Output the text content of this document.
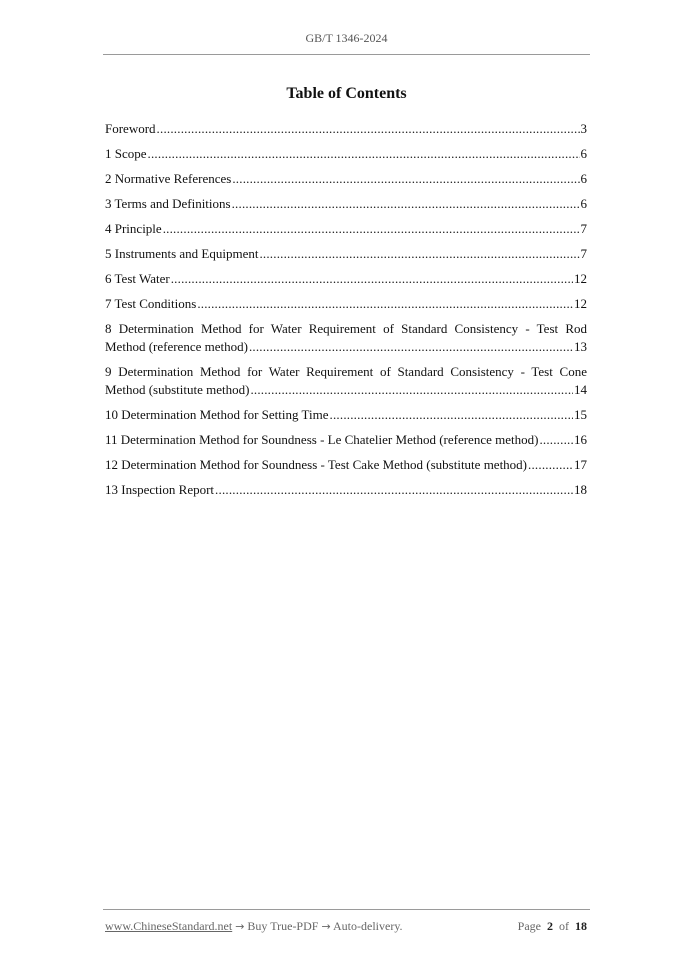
GB/T 1346-2024
Table of Contents
Foreword .....	3
1 Scope .....	6
2 Normative References .....	6
3 Terms and Definitions .....	6
4 Principle .....	7
5 Instruments and Equipment .....	7
6 Test Water .....	12
7 Test Conditions .....	12
8 Determination Method for Water Requirement of Standard Consistency - Test Rod
Method (reference method) .....	13
9 Determination Method for Water Requirement of Standard Consistency - Test Cone
Method (substitute method) .....	14
10 Determination Method for Setting Time .....	15
11 Determination Method for Soundness - Le Chatelier Method (reference method) .....	16
12 Determination Method for Soundness - Test Cake Method (substitute method) .....	17
13 Inspection Report .....	18
www.ChineseStandard.net → Buy True-PDF → Auto-delivery.	Page 2 of 18
